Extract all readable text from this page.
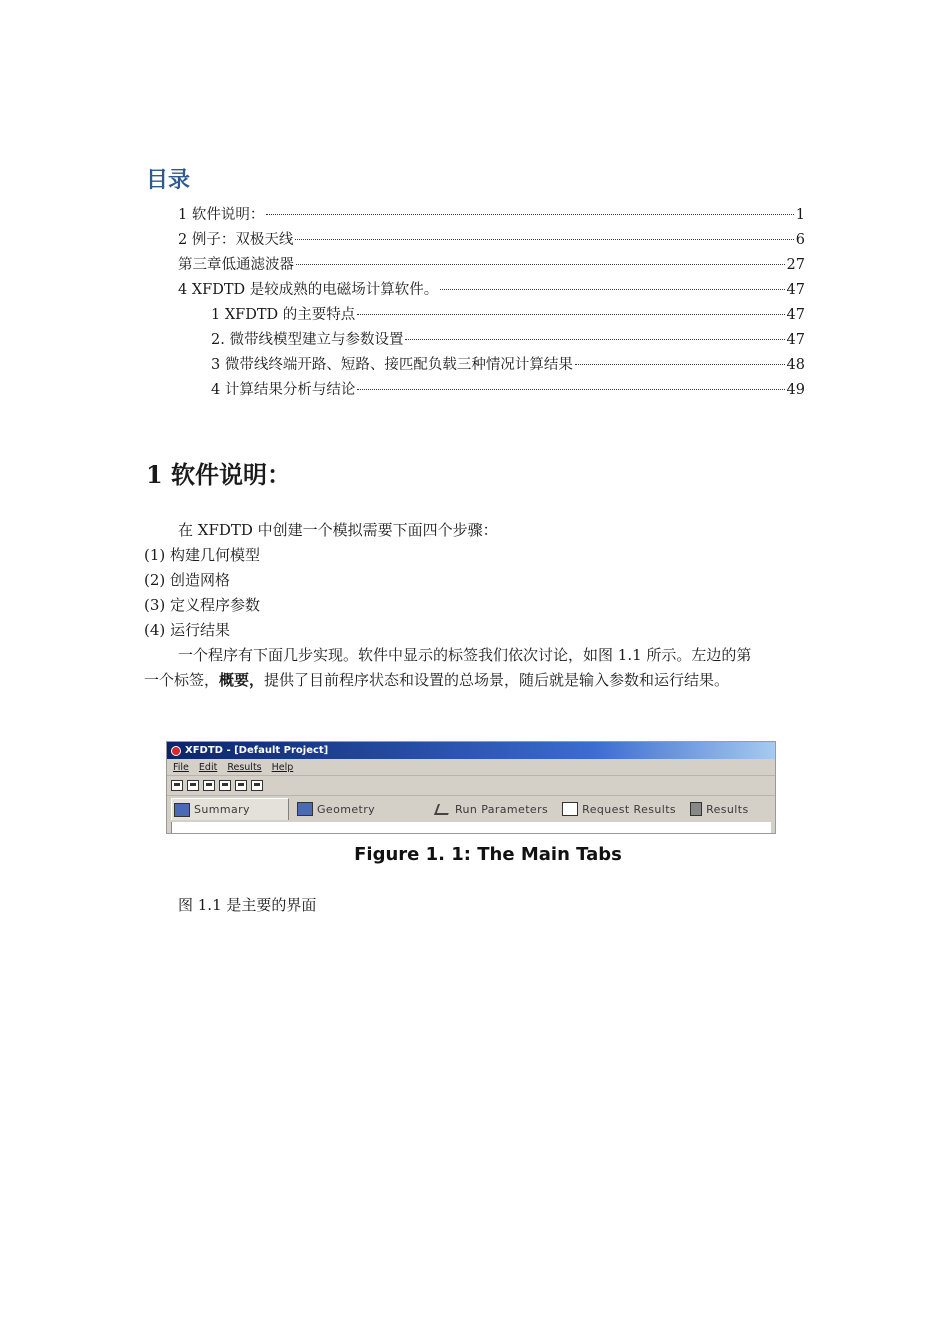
目录
1 软件说明：	1
2 例子：双极天线	6
第三章低通滤波器	27
4 XFDTD 是较成熟的电磁场计算软件。	47
1 XFDTD 的主要特点	47
2. 微带线模型建立与参数设置	47
3 微带线终端开路、短路、接匹配负载三种情况计算结果	48
4 计算结果分析与结论	49
1 软件说明：
在 XFDTD 中创建一个模拟需要下面四个步骤：
(1) 构建几何模型
(2) 创造网格
(3) 定义程序参数
(4) 运行结果
一个程序有下面几步实现。软件中显示的标签我们依次讨论，如图 1.1 所示。左边的第
一个标签，概要，提供了目前程序状态和设置的总场景，随后就是输入参数和运行结果。
XFDTD - [Default Project]
File Edit Results Help
Summary	Geometry	Run Parameters	Request Results	Results
Figure 1. 1: The Main Tabs
图 1.1 是主要的界面
